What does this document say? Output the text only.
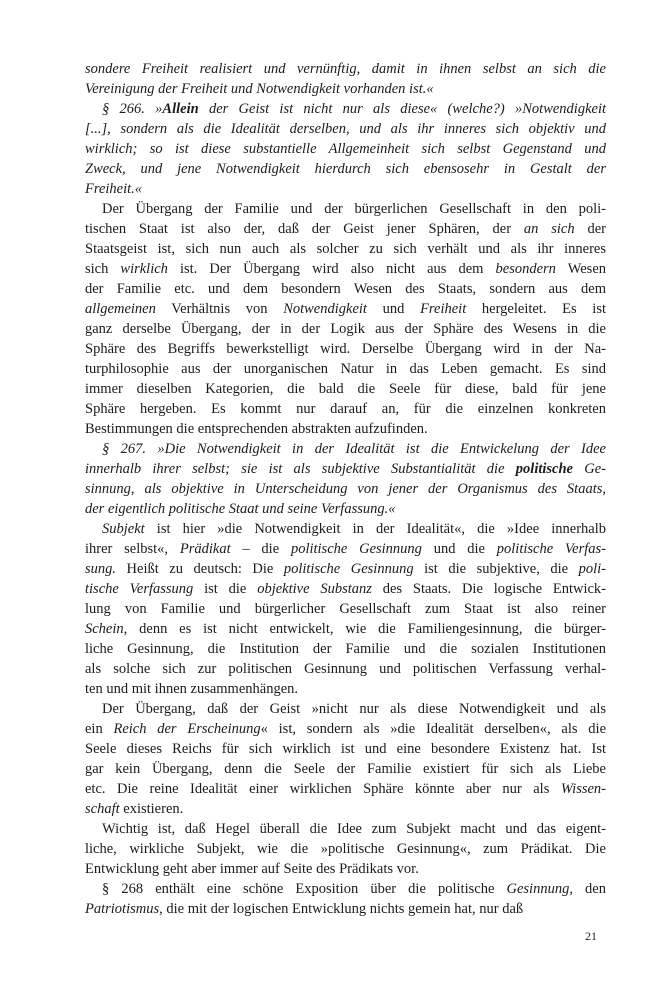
sondere Freiheit realisiert und vernünftig, damit in ihnen selbst an sich die
Vereinigung der Freiheit und Notwendigkeit vorhanden ist.«
§ 266. »Allein der Geist ist nicht nur als diese« (welche?) »Notwendigkeit
[...], sondern als die Idealität derselben, und als ihr inneres sich objektiv und
wirklich; so ist diese substantielle Allgemeinheit sich selbst Gegenstand und
Zweck, und jene Notwendigkeit hierdurch sich ebensosehr in Gestalt der
Freiheit.«
Der Übergang der Familie und der bürgerlichen Gesellschaft in den poli-
tischen Staat ist also der, daß der Geist jener Sphären, der an sich der
Staatsgeist ist, sich nun auch als solcher zu sich verhält und als ihr inneres
sich wirklich ist. Der Übergang wird also nicht aus dem besondern Wesen
der Familie etc. und dem besondern Wesen des Staats, sondern aus dem
allgemeinen Verhältnis von Notwendigkeit und Freiheit hergeleitet. Es ist
ganz derselbe Übergang, der in der Logik aus der Sphäre des Wesens in die
Sphäre des Begriffs bewerkstelligt wird. Derselbe Übergang wird in der Na-
turphilosophie aus der unorganischen Natur in das Leben gemacht. Es sind
immer dieselben Kategorien, die bald die Seele für diese, bald für jene
Sphäre hergeben. Es kommt nur darauf an, für die einzelnen konkreten
Bestimmungen die entsprechenden abstrakten aufzufinden.
§ 267. »Die Notwendigkeit in der Idealität ist die Entwickelung der Idee
innerhalb ihrer selbst; sie ist als subjektive Substantialität die politische Ge-
sinnung, als objektive in Unterscheidung von jener der Organismus des Staats,
der eigentlich politische Staat und seine Verfassung.«
Subjekt ist hier »die Notwendigkeit in der Idealität«, die »Idee innerhalb
ihrer selbst«, Prädikat – die politische Gesinnung und die politische Verfas-
sung. Heißt zu deutsch: Die politische Gesinnung ist die subjektive, die poli-
tische Verfassung ist die objektive Substanz des Staats. Die logische Entwick-
lung von Familie und bürgerlicher Gesellschaft zum Staat ist also reiner
Schein, denn es ist nicht entwickelt, wie die Familiengesinnung, die bürger-
liche Gesinnung, die Institution der Familie und die sozialen Institutionen
als solche sich zur politischen Gesinnung und politischen Verfassung verhal-
ten und mit ihnen zusammenhängen.
Der Übergang, daß der Geist »nicht nur als diese Notwendigkeit und als
ein Reich der Erscheinung« ist, sondern als »die Idealität derselben«, als die
Seele dieses Reichs für sich wirklich ist und eine besondere Existenz hat. Ist
gar kein Übergang, denn die Seele der Familie existiert für sich als Liebe
etc. Die reine Idealität einer wirklichen Sphäre könnte aber nur als Wissen-
schaft existieren.
Wichtig ist, daß Hegel überall die Idee zum Subjekt macht und das eigent-
liche, wirkliche Subjekt, wie die »politische Gesinnung«, zum Prädikat. Die
Entwicklung geht aber immer auf Seite des Prädikats vor.
§ 268 enthält eine schöne Exposition über die politische Gesinnung, den
Patriotismus, die mit der logischen Entwicklung nichts gemein hat, nur daß
21
